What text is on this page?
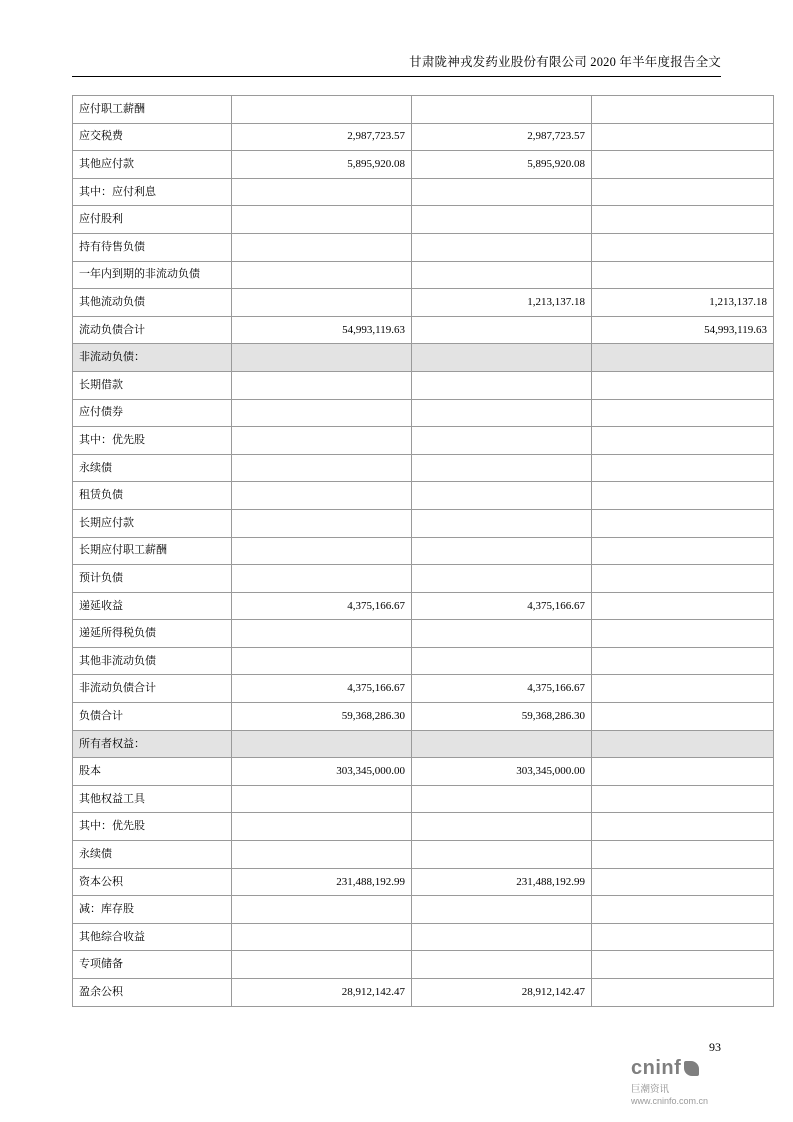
甘肃陇神戎发药业股份有限公司 2020 年半年度报告全文
应付职工薪酬			
应交税费	2,987,723.57	2,987,723.57	
其他应付款	5,895,920.08	5,895,920.08	
其中：应付利息			
应付股利			
持有待售负债			
一年内到期的非流动负债			
其他流动负债		1,213,137.18	1,213,137.18
流动负债合计	54,993,119.63		54,993,119.63
非流动负债：			
长期借款			
应付债券			
其中：优先股			
永续债			
租赁负债			
长期应付款			
长期应付职工薪酬			
预计负债			
递延收益	4,375,166.67	4,375,166.67	
递延所得税负债			
其他非流动负债			
非流动负债合计	4,375,166.67	4,375,166.67	
负债合计	59,368,286.30	59,368,286.30	
所有者权益：			
股本	303,345,000.00	303,345,000.00	
其他权益工具			
其中：优先股			
永续债			
资本公积	231,488,192.99	231,488,192.99	
减：库存股			
其他综合收益			
专项储备			
盈余公积	28,912,142.47	28,912,142.47	
93
cninf
巨潮资讯
www.cninfo.com.cn
